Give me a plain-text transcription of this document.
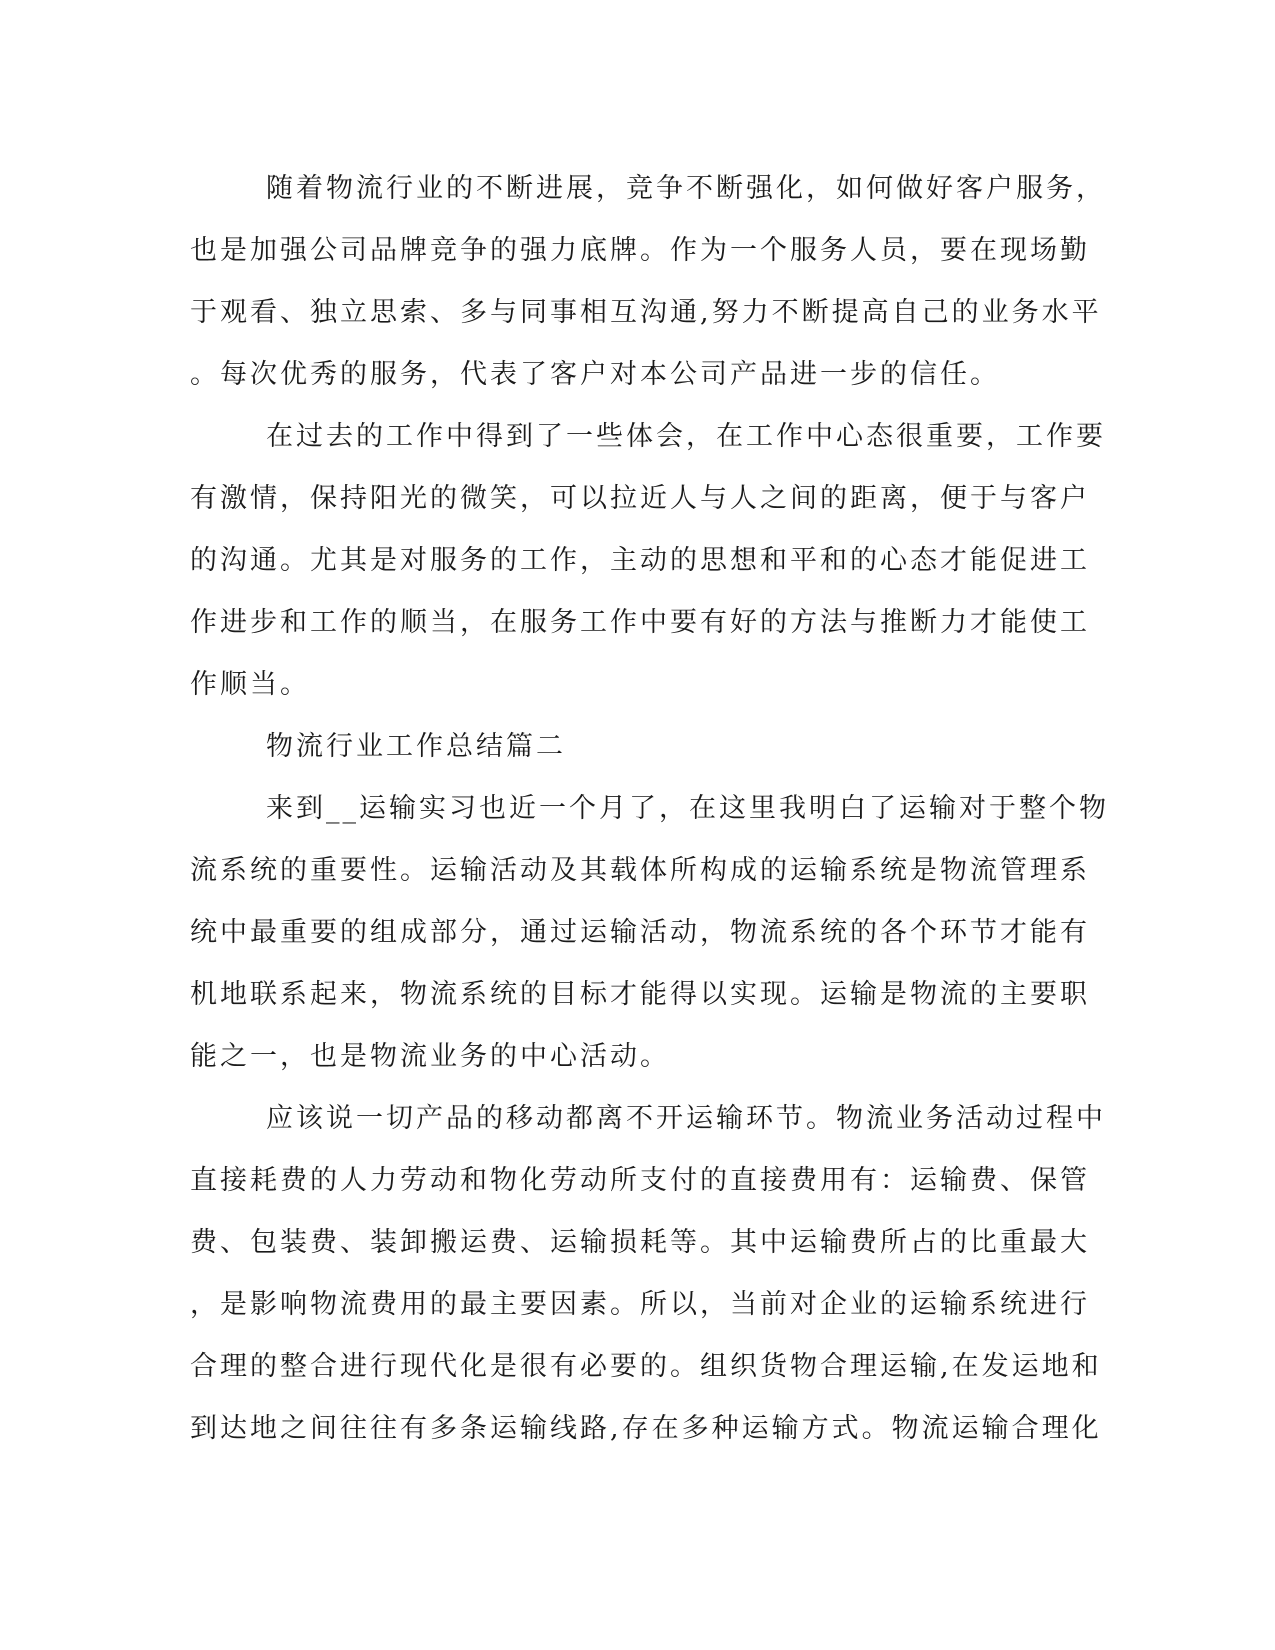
随着物流行业的不断进展，竞争不断强化，如何做好客户服务，
也是加强公司品牌竞争的强力底牌。作为一个服务人员，要在现场勤
于观看、独立思索、多与同事相互沟通,努力不断提高自己的业务水平
。每次优秀的服务，代表了客户对本公司产品进一步的信任。
在过去的工作中得到了一些体会，在工作中心态很重要，工作要
有激情，保持阳光的微笑，可以拉近人与人之间的距离，便于与客户
的沟通。尤其是对服务的工作，主动的思想和平和的心态才能促进工
作进步和工作的顺当，在服务工作中要有好的方法与推断力才能使工
作顺当。
物流行业工作总结篇二
来到__运输实习也近一个月了，在这里我明白了运输对于整个物
流系统的重要性。运输活动及其载体所构成的运输系统是物流管理系
统中最重要的组成部分，通过运输活动，物流系统的各个环节才能有
机地联系起来，物流系统的目标才能得以实现。运输是物流的主要职
能之一，也是物流业务的中心活动。
应该说一切产品的移动都离不开运输环节。物流业务活动过程中
直接耗费的人力劳动和物化劳动所支付的直接费用有：运输费、保管
费、包装费、装卸搬运费、运输损耗等。其中运输费所占的比重最大
，是影响物流费用的最主要因素。所以，当前对企业的运输系统进行
合理的整合进行现代化是很有必要的。组织货物合理运输,在发运地和
到达地之间往往有多条运输线路,存在多种运输方式。物流运输合理化
